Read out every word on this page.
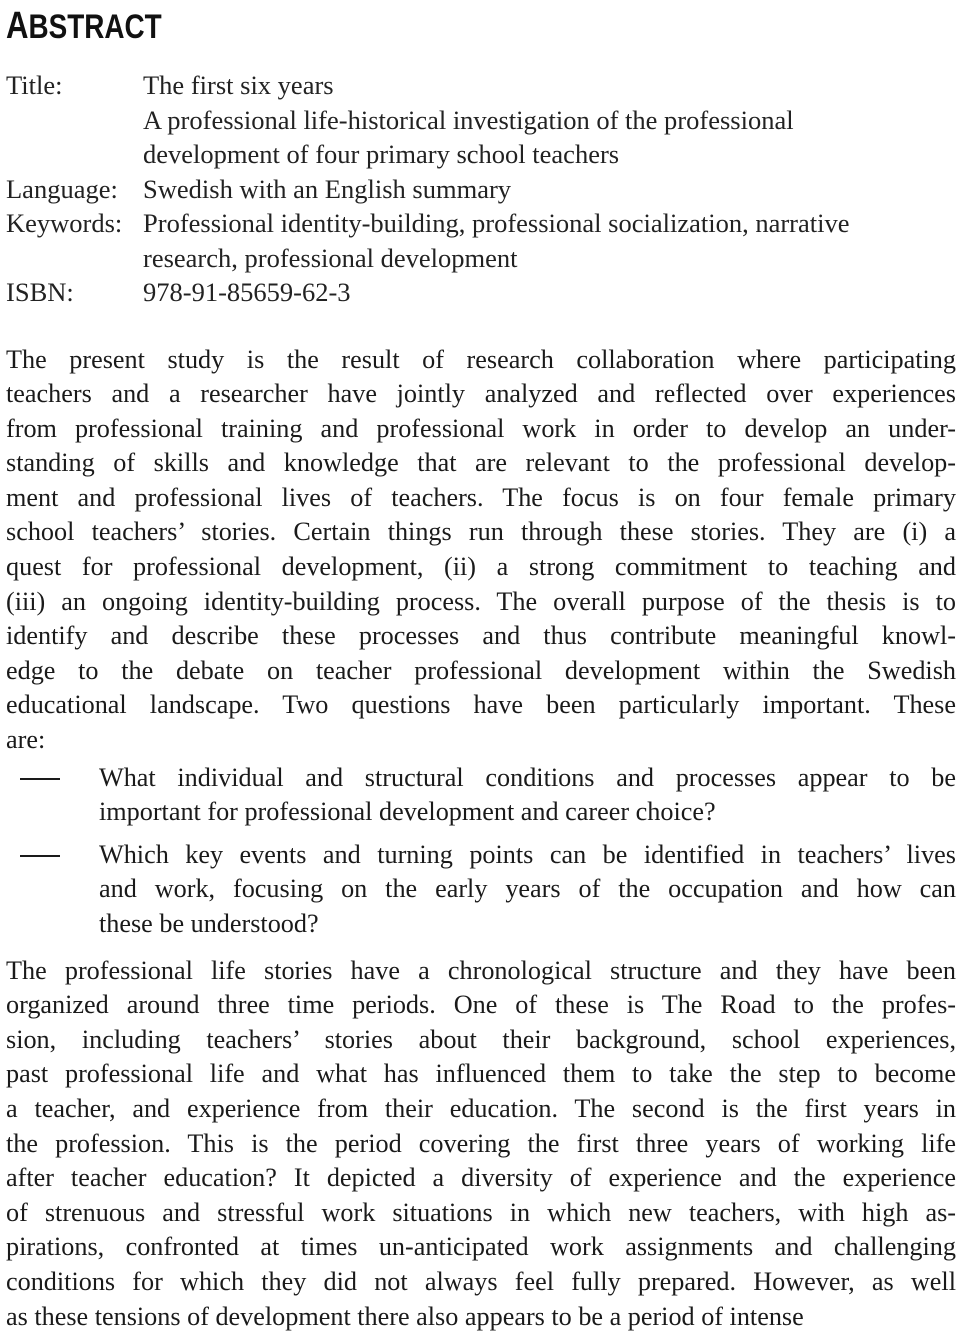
ABSTRACT
Title:	The first six years
A professional life-historical investigation of the professional
development of four primary school teachers
Language: Swedish with an English summary
Keywords: Professional identity-building, professional socialization, narrative
research, professional development
ISBN:	978-91-85659-62-3
The present study is the result of research collaboration where participating
teachers and a researcher have jointly analyzed and reflected over experiences
from professional training and professional work in order to develop an under-
standing of skills and knowledge that are relevant to the professional develop-
ment and professional lives of teachers. The focus is on four female primary
school teachers’ stories. Certain things run through these stories. They are (i) a
quest for professional development, (ii) a strong commitment to teaching and
(iii) an ongoing identity-building process. The overall purpose of the thesis is to
identify and describe these processes and thus contribute meaningful knowl-
edge to the debate on teacher professional development within the Swedish
educational landscape. Two questions have been particularly important. These
are:
What individual and structural conditions and processes appear to be
important for professional development and career choice?
Which key events and turning points can be identified in teachers’ lives
and work, focusing on the early years of the occupation and how can
these be understood?
The professional life stories have a chronological structure and they have been
organized around three time periods. One of these is The Road to the profes-
sion, including teachers’ stories about their background, school experiences,
past professional life and what has influenced them to take the step to become
a teacher, and experience from their education. The second is the first years in
the profession. This is the period covering the first three years of working life
after teacher education? It depicted a diversity of experience and the experience
of strenuous and stressful work situations in which new teachers, with high as-
pirations, confronted at times un-anticipated work assignments and challenging
conditions for which they did not always feel fully prepared. However, as well
as these tensions of development there also appears to be a period of intense
